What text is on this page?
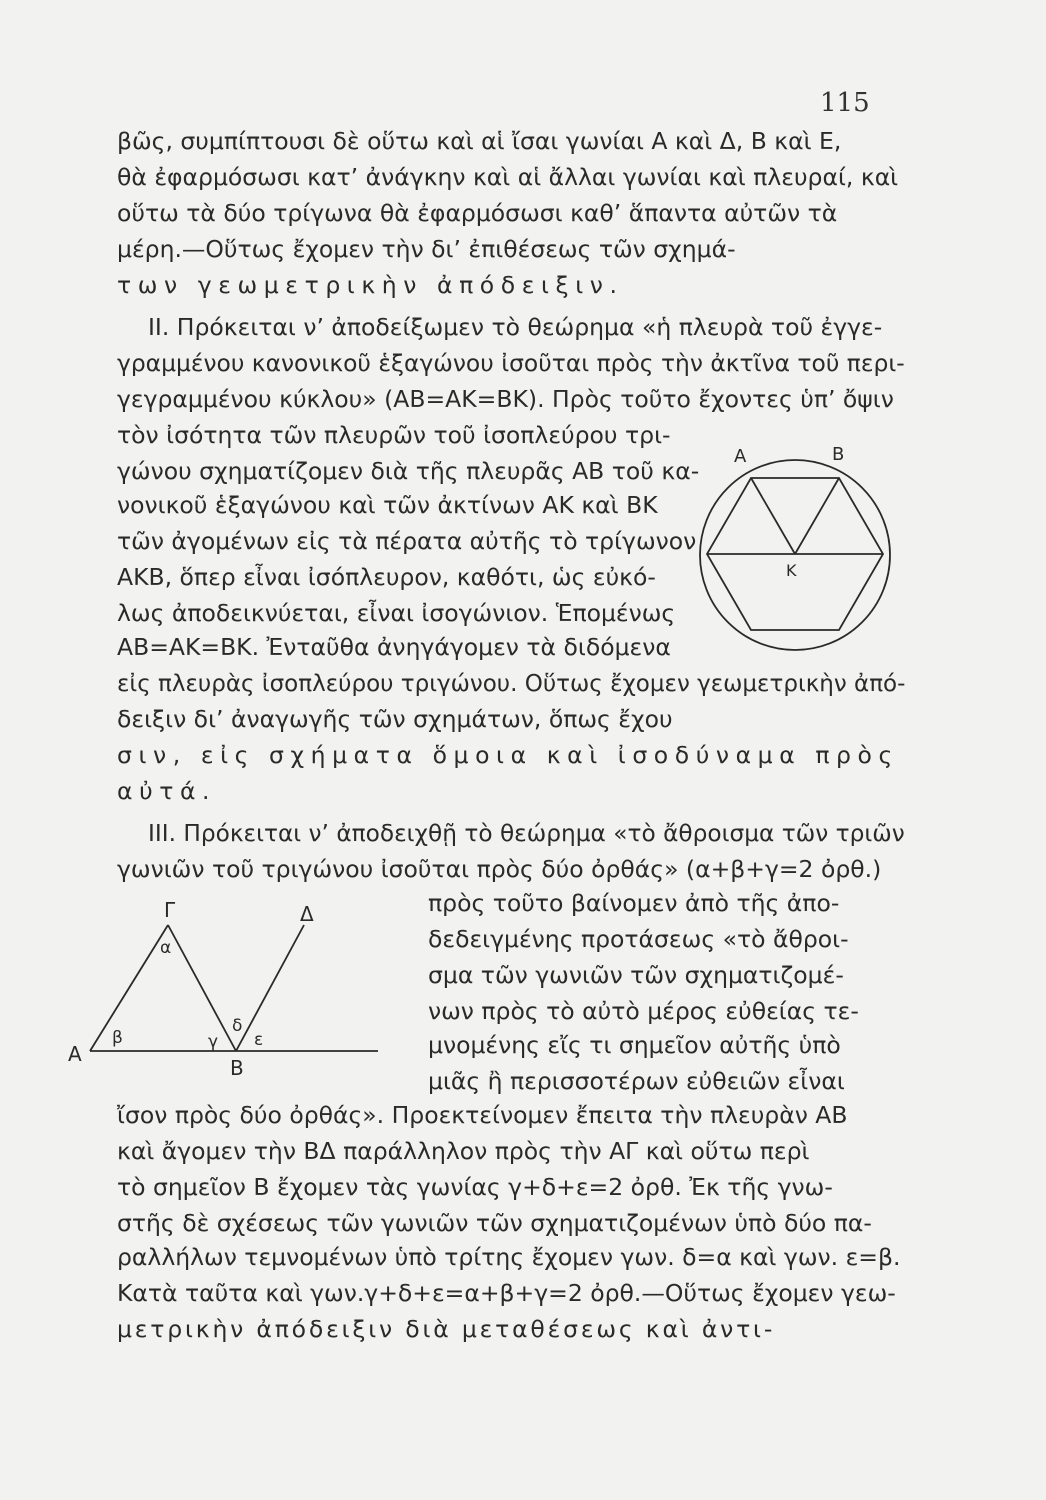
115
βῶς, συμπίπτουσι δὲ οὕτω καὶ αἱ ἴσαι γωνίαι Α καὶ Δ, Β καὶ Ε,
θὰ ἐφαρμόσωσι κατ’ ἀνάγκην καὶ αἱ ἄλλαι γωνίαι καὶ πλευραί, καὶ
οὕτω τὰ δύο τρίγωνα θὰ ἐφαρμόσωσι καθ’ ἅπαντα αὐτῶν τὰ
μέρη.—Οὕτως ἔχομεν τὴν δι’ ἐπιθέσεως τῶν σχημά-
των γεωμετρικὴν ἀπόδειξιν.
II. Πρόκειται ν’ ἀποδείξωμεν τὸ θεώρημα «ἡ πλευρὰ τοῦ ἐγγε-
γραμμένου κανονικοῦ ἑξαγώνου ἰσοῦται πρὸς τὴν ἀκτῖνα τοῦ περι-
γεγραμμένου κύκλου» (ΑΒ=ΑΚ=ΒΚ). Πρὸς τοῦτο ἔχοντες ὑπ’ ὄψιν
τὸν ἰσότητα τῶν πλευρῶν τοῦ ἰσοπλεύρου τρι-
γώνου σχηματίζομεν διὰ τῆς πλευρᾶς ΑΒ τοῦ κα-
νονικοῦ ἑξαγώνου καὶ τῶν ἀκτίνων ΑΚ καὶ ΒΚ
τῶν ἀγομένων εἰς τὰ πέρατα αὐτῆς τὸ τρίγωνον
ΑΚΒ, ὅπερ εἶναι ἰσόπλευρον, καθότι, ὡς εὐκό-
λως ἀποδεικνύεται, εἶναι ἰσογώνιον. Ἑπομένως
ΑΒ=ΑΚ=ΒΚ. Ἐνταῦθα ἀνηγάγομεν τὰ διδόμενα
εἰς πλευρὰς ἰσοπλεύρου τριγώνου. Οὕτως ἔχομεν γεωμετρικὴν ἀπό-
δειξιν δι’ ἀναγωγῆς τῶν σχημάτων, ὅπως ἔχου
σιν, εἰς σχήματα ὅμοια καὶ ἰσοδύναμα πρὸς
αὐτά.
Α	B
Κ
III. Πρόκειται ν’ ἀποδειχθῇ τὸ θεώρημα «τὸ ἄθροισμα τῶν τριῶν
γωνιῶν τοῦ τριγώνου ἰσοῦται πρὸς δύο ὀρθάς» (α+β+γ=2 ὀρθ.)
πρὸς τοῦτο βαίνομεν ἀπὸ τῆς ἀπο-
δεδειγμένης προτάσεως «τὸ ἄθροι-
σμα τῶν γωνιῶν τῶν σχηματιζομέ-
νων πρὸς τὸ αὐτὸ μέρος εὐθείας τε-
μνομένης εἴς τι σημεῖον αὐτῆς ὑπὸ
μιᾶς ἢ περισσοτέρων εὐθειῶν εἶναι
ἴσον πρὸς δύο ὀρθάς». Προεκτείνομεν ἔπειτα τὴν πλευρὰν ΑΒ
καὶ ἄγομεν τὴν ΒΔ παράλληλον πρὸς τὴν ΑΓ καὶ οὕτω περὶ
τὸ σημεῖον Β ἔχομεν τὰς γωνίας γ+δ+ε=2 ὀρθ. Ἐκ τῆς γνω-
στῆς δὲ σχέσεως τῶν γωνιῶν τῶν σχηματιζομένων ὑπὸ δύο πα-
ραλλήλων τεμνομένων ὑπὸ τρίτης ἔχομεν γων. δ=α καὶ γων. ε=β.
Κατὰ ταῦτα καὶ γων.γ+δ+ε=α+β+γ=2 ὀρθ.—Οὕτως ἔχομεν γεω-
μετρικὴν ἀπόδειξιν διὰ μεταθέσεως καὶ ἀντι-
Γ	Δ
Α
B
α
β	γ
δ
ε
